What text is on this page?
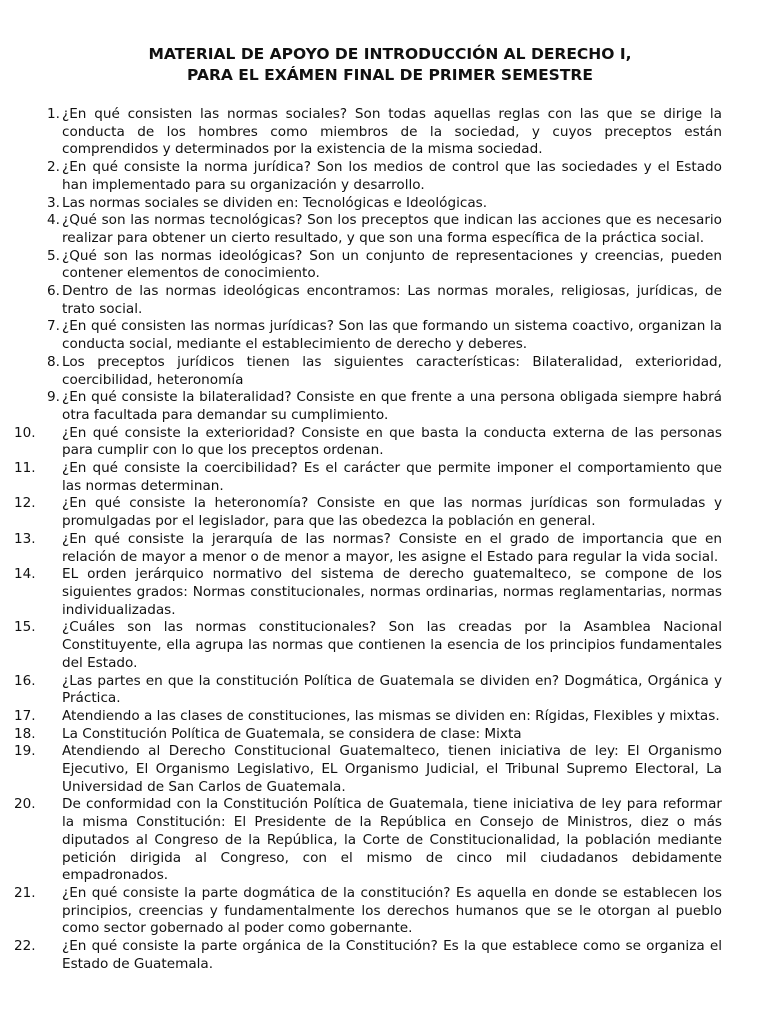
MATERIAL DE APOYO DE INTRODUCCIÓN AL DERECHO I,
PARA EL EXÁMEN FINAL DE PRIMER SEMESTRE
1. ¿En qué consisten las normas sociales? Son todas aquellas reglas con las que se dirige la conducta de los hombres como miembros de la sociedad, y cuyos preceptos están comprendidos y determinados por la existencia de la misma sociedad.
2. ¿En qué consiste la norma jurídica? Son los medios de control que las sociedades y el Estado han implementado para su organización y desarrollo.
3. Las normas sociales se dividen en: Tecnológicas e Ideológicas.
4. ¿Qué son las normas tecnológicas? Son los preceptos que indican las acciones que es necesario realizar para obtener un cierto resultado, y que son una forma específica de la práctica social.
5. ¿Qué son las normas ideológicas? Son un conjunto de representaciones y creencias, pueden contener elementos de conocimiento.
6. Dentro de las normas ideológicas encontramos: Las normas morales, religiosas, jurídicas, de trato social.
7. ¿En qué consisten las normas jurídicas? Son las que formando un sistema coactivo, organizan la conducta social, mediante el establecimiento de derecho y deberes.
8. Los preceptos jurídicos tienen las siguientes características: Bilateralidad, exterioridad, coercibilidad, heteronomía
9. ¿En qué consiste la bilateralidad? Consiste en que frente a una persona obligada siempre habrá otra facultada para demandar su cumplimiento.
10.	¿En qué consiste la exterioridad? Consiste en que basta la conducta externa de las personas para cumplir con lo que los preceptos ordenan.
11.	¿En qué consiste la coercibilidad? Es el carácter que permite imponer el comportamiento que las normas determinan.
12.	¿En qué consiste la heteronomía? Consiste en que las normas jurídicas son formuladas y promulgadas por el legislador, para que las obedezca la población en general.
13.	¿En qué consiste la jerarquía de las normas? Consiste en el grado de importancia que en relación de mayor a menor o de menor a mayor, les asigne el Estado para regular la vida social.
14.	EL orden jerárquico normativo del sistema de derecho guatemalteco, se compone de los siguientes grados: Normas constitucionales, normas ordinarias, normas reglamentarias, normas individualizadas.
15.	¿Cuáles son las normas constitucionales? Son las creadas por la Asamblea Nacional Constituyente, ella agrupa las normas que contienen la esencia de los principios fundamentales del Estado.
16.	¿Las partes en que la constitución Política de Guatemala se dividen en? Dogmática, Orgánica y Práctica.
17.	Atendiendo a las clases de constituciones, las mismas se dividen en: Rígidas, Flexibles y mixtas.
18.	La Constitución Política de Guatemala, se considera de clase: Mixta
19.	Atendiendo al Derecho Constitucional Guatemalteco, tienen iniciativa de ley: El Organismo Ejecutivo, El Organismo Legislativo, EL Organismo Judicial, el Tribunal Supremo Electoral, La Universidad de San Carlos de Guatemala.
20.	De conformidad con la Constitución Política de Guatemala, tiene iniciativa de ley para reformar la misma Constitución: El Presidente de la República en Consejo de Ministros, diez o más diputados al Congreso de la República, la Corte de Constitucionalidad, la población mediante petición dirigida al Congreso, con el mismo de cinco mil ciudadanos debidamente empadronados.
21.	¿En qué consiste la parte dogmática de la constitución? Es aquella en donde se establecen los principios, creencias y fundamentalmente los derechos humanos que se le otorgan al pueblo como sector gobernado al poder como gobernante.
22.	¿En qué consiste la parte orgánica de la Constitución? Es la que establece como se organiza el Estado de Guatemala.
